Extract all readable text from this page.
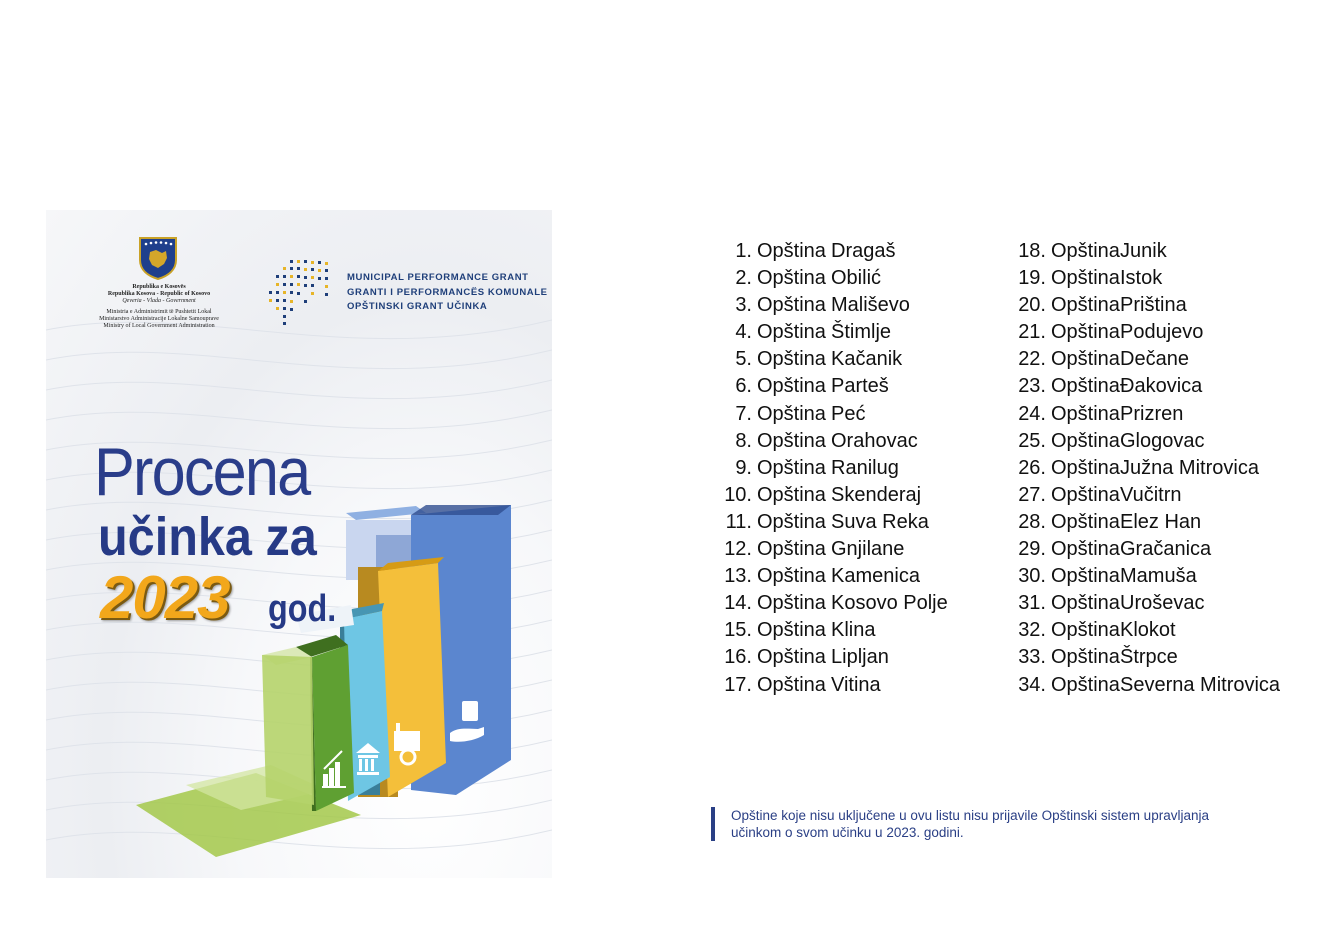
Republika e Kosovës
Republika Kosova - Republic of Kosovo
Qeveria - Vlada - Government
Ministria e Administrimit të Pushtetit Lokal
Ministarstvo Administracije Lokalne Samouprave
Ministry of Local Government Administration
MUNICIPAL PERFORMANCE GRANT
GRANTI I PERFORMANCËS KOMUNALE
OPŠTINSKI GRANT UČINKA
Procena
učinka za
2023 god.
1. Opština Dragaš
2. Opština Obilić
3. Opština Mališevo
4. Opština Štimlje
5. Opština Kačanik
6. Opština Parteš
7. Opština Peć
8. Opština Orahovac
9. Opština Ranilug
10. Opština Skenderaj
11. Opština Suva Reka
12. Opština Gnjilane
13. Opština Kamenica
14. Opština Kosovo Polje
15. Opština Klina
16. Opština Lipljan
17. Opština Vitina
18. OpštinaJunik
19. OpštinaIstok
20. OpštinaPriština
21. OpštinaPodujevo
22. OpštinaDečane
23. OpštinaĐakovica
24. OpštinaPrizren
25. OpštinaGlogovac
26. OpštinaJužna Mitrovica
27. OpštinaVučitrn
28. OpštinaElez Han
29. OpštinaGračanica
30. OpštinaMamuša
31. OpštinaUroševac
32. OpštinaKlokot
33. OpštinaŠtrpce
34. OpštinaSeverna Mitrovica
Opštine koje nisu uključene u ovu listu nisu prijavile Opštinski sistem upravljanja učinkom o svom učinku u 2023. godini.
